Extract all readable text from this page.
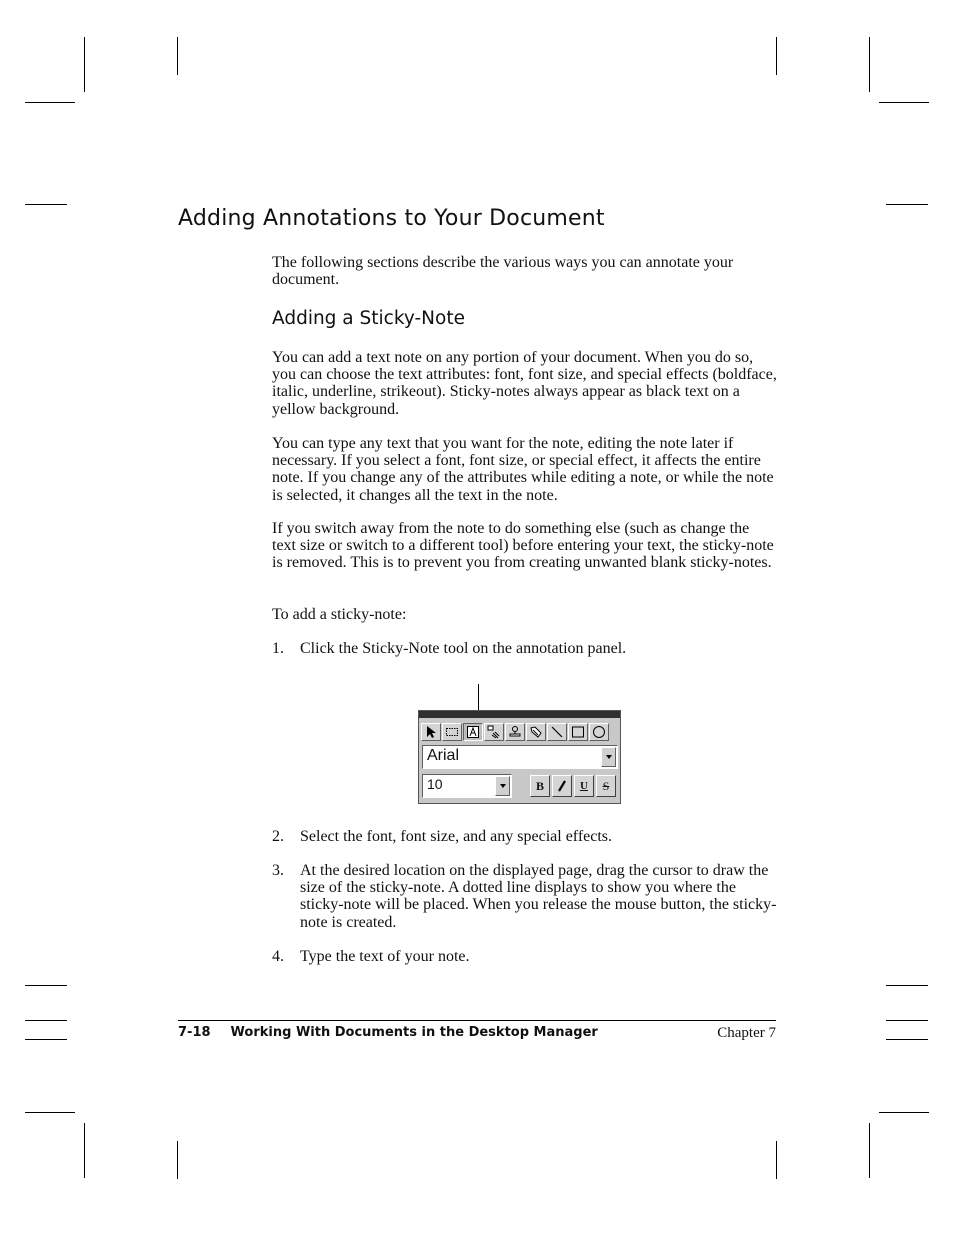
Adding Annotations to Your Document
The following sections describe the various ways you can annotate your document.
Adding a Sticky-Note
You can add a text note on any portion of your document. When you do so, you can choose the text attributes: font, font size, and special effects (boldface, italic, underline, strikeout). Sticky-notes always appear as black text on a yellow background.
You can type any text that you want for the note, editing the note later if necessary. If you select a font, font size, or special effect, it affects the entire note. If you change any of the attributes while editing a note, or while the note is selected, it changes all the text in the note.
If you switch away from the note to do something else (such as change the text size or switch to a different tool) before entering your text, the sticky-note is removed. This is to prevent you from creating unwanted blank sticky-notes.
To add a sticky-note:
1. Click the Sticky-Note tool on the annotation panel.
Arial
10	B	U S
2. Select the font, font size, and any special effects.
3. At the desired location on the displayed page, drag the cursor to draw the size of the sticky-note. A dotted line displays to show you where the sticky-note will be placed. When you release the mouse button, the sticky-note is created.
4. Type the text of your note.
7-18 Working With Documents in the Desktop Manager	Chapter 7
